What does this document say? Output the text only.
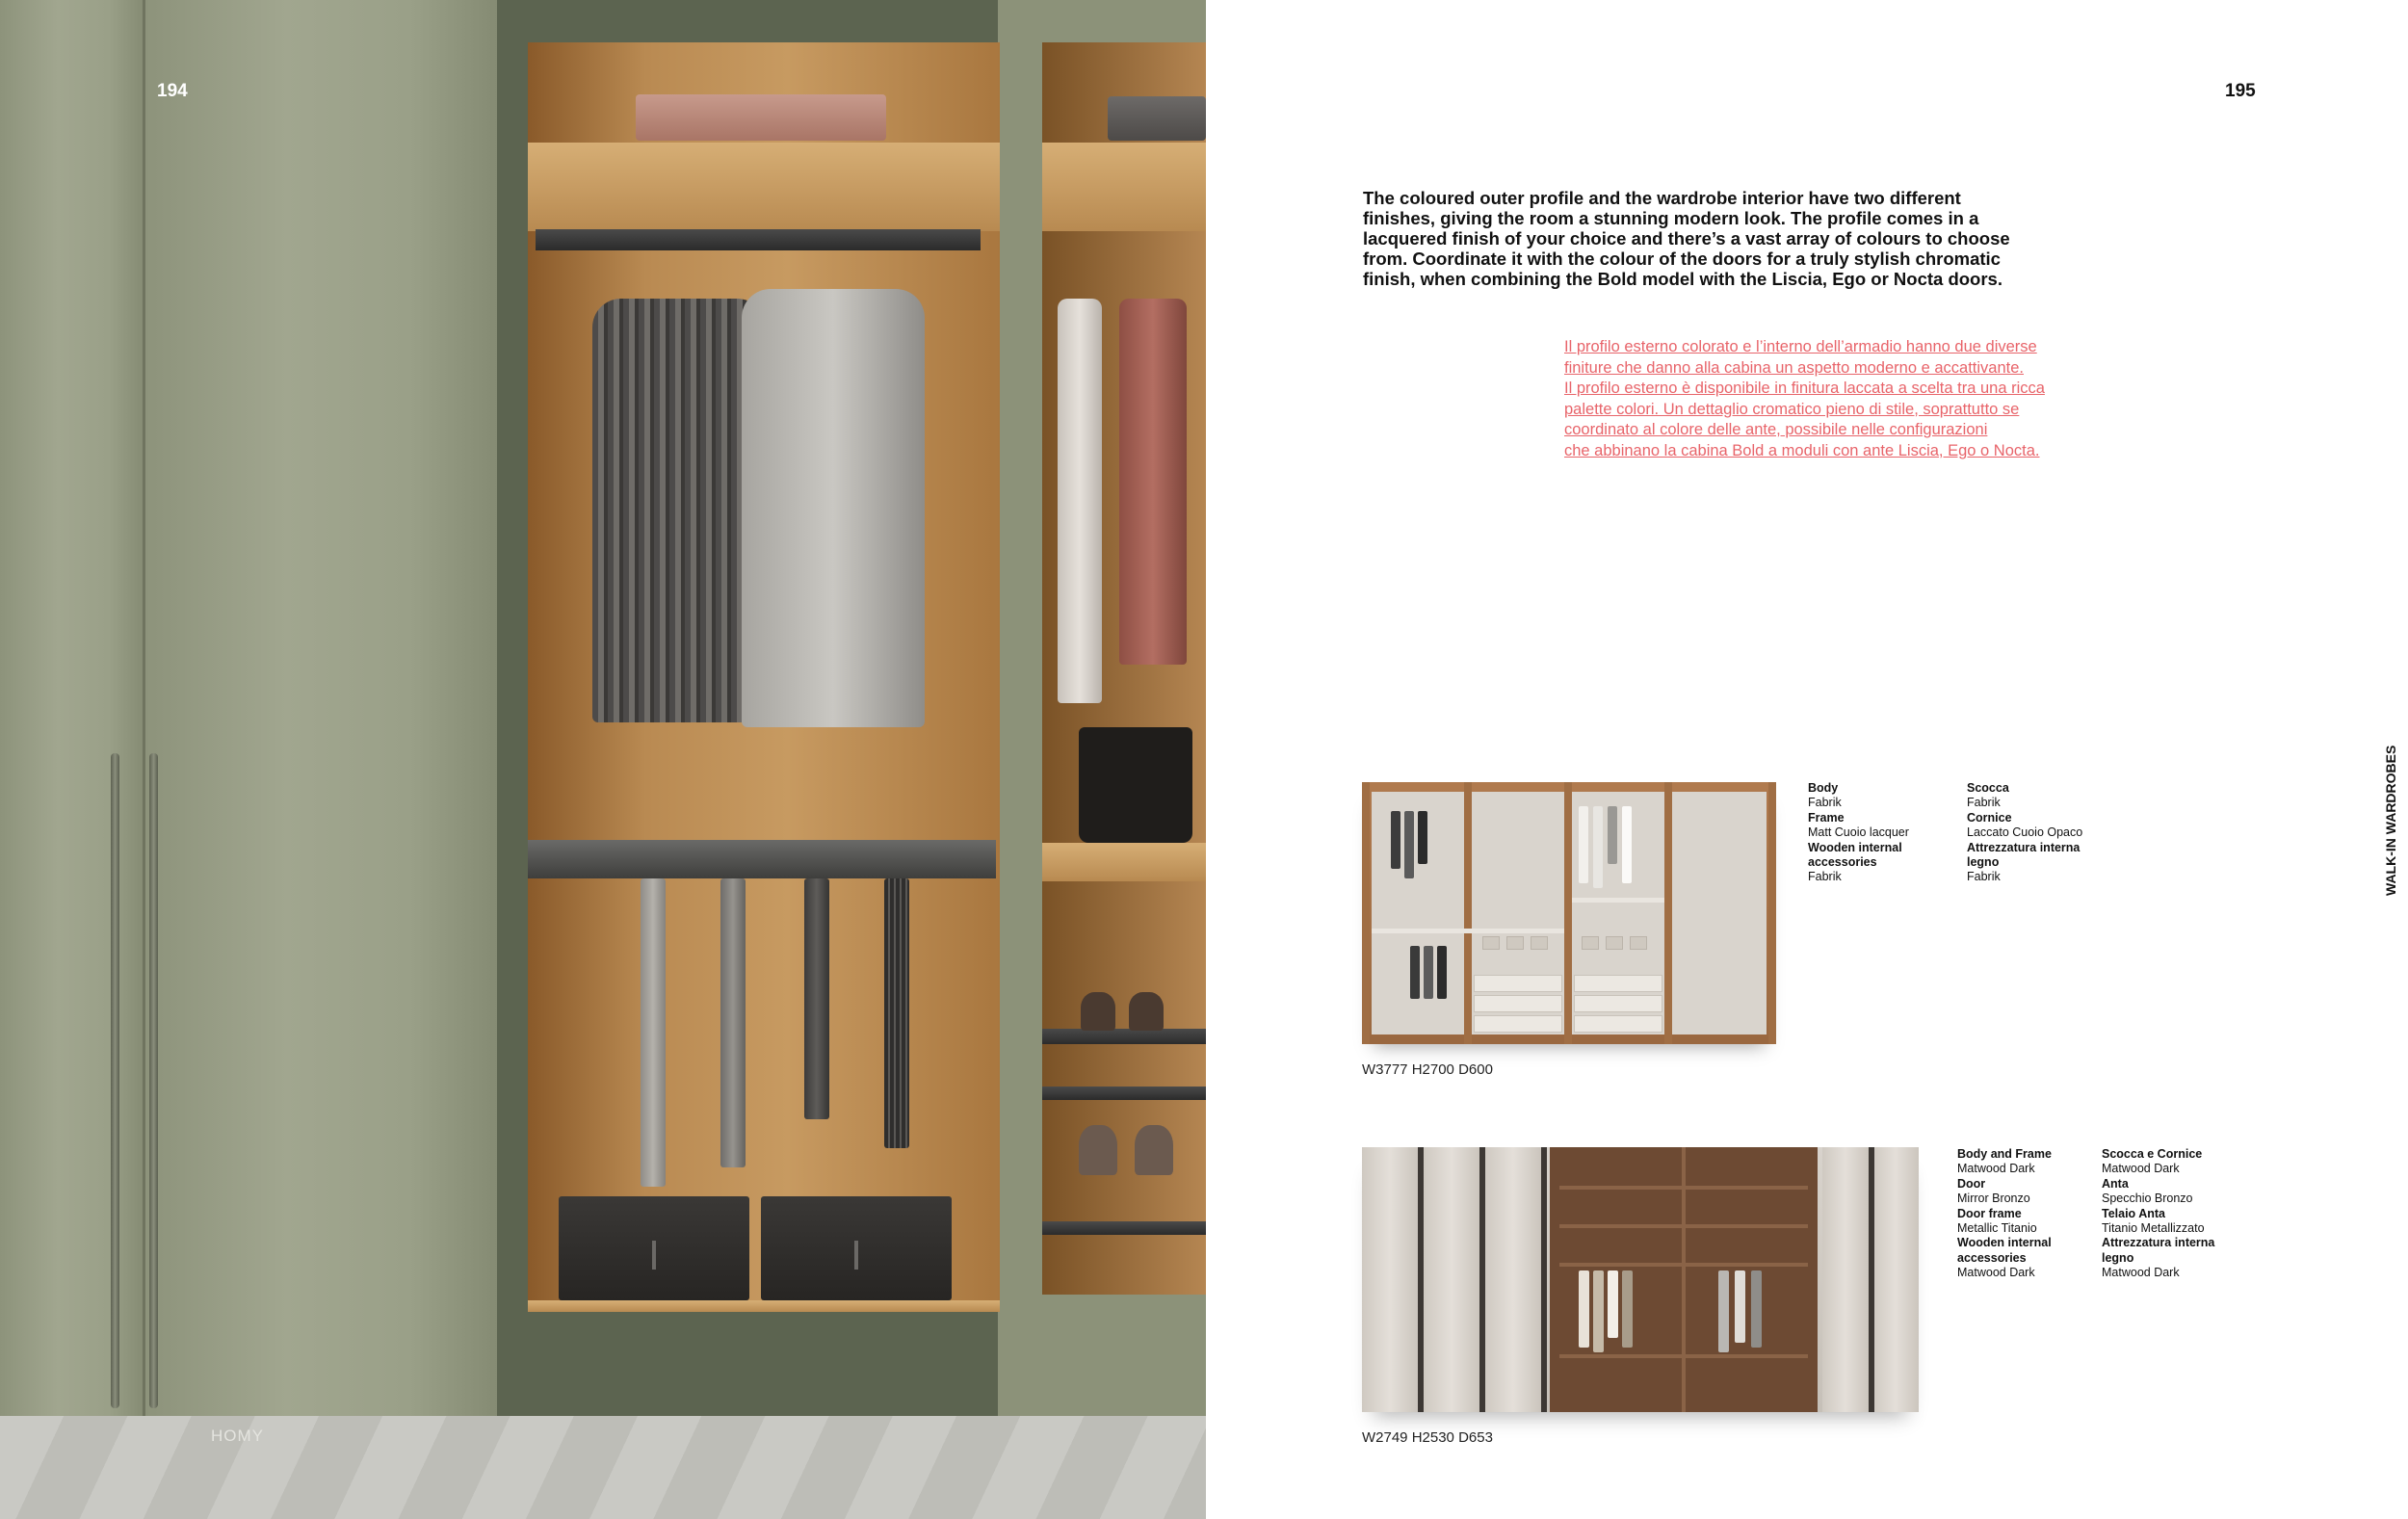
194
HOMY
195

The coloured outer profile and the wardrobe interior have two different finishes, giving the room a stunning modern look. The profile comes in a lacquered finish of your choice and there’s a vast array of colours to choose from. Coordinate it with the colour of the doors for a truly stylish chromatic finish, when combining the Bold model with the Liscia, Ego or Nocta doors.

Il profilo esterno colorato e l’interno dell’armadio hanno due diverse
finiture che danno alla cabina un aspetto moderno e accattivante.
Il profilo esterno è disponibile in finitura laccata a scelta tra una ricca
palette colori. Un dettaglio cromatico pieno di stile, soprattutto se
coordinato al colore delle ante, possibile nelle configurazioni
che abbinano la cabina Bold a moduli con ante Liscia, Ego o Nocta.
WALK-IN WARDROBES
W3777 H2700 D600
Body
Fabrik
Frame
Matt Cuoio lacquer
Wooden internal accessories
Fabrik
Scocca
Fabrik
Cornice
Laccato Cuoio Opaco
Attrezzatura interna legno
Fabrik
W2749 H2530 D653
Body and Frame
Matwood Dark
Door
Mirror Bronzo
Door frame
Metallic Titanio
Wooden internal accessories
Matwood Dark
Scocca e Cornice
Matwood Dark
Anta
Specchio Bronzo
Telaio Anta
Titanio Metallizzato
Attrezzatura interna legno
Matwood Dark
